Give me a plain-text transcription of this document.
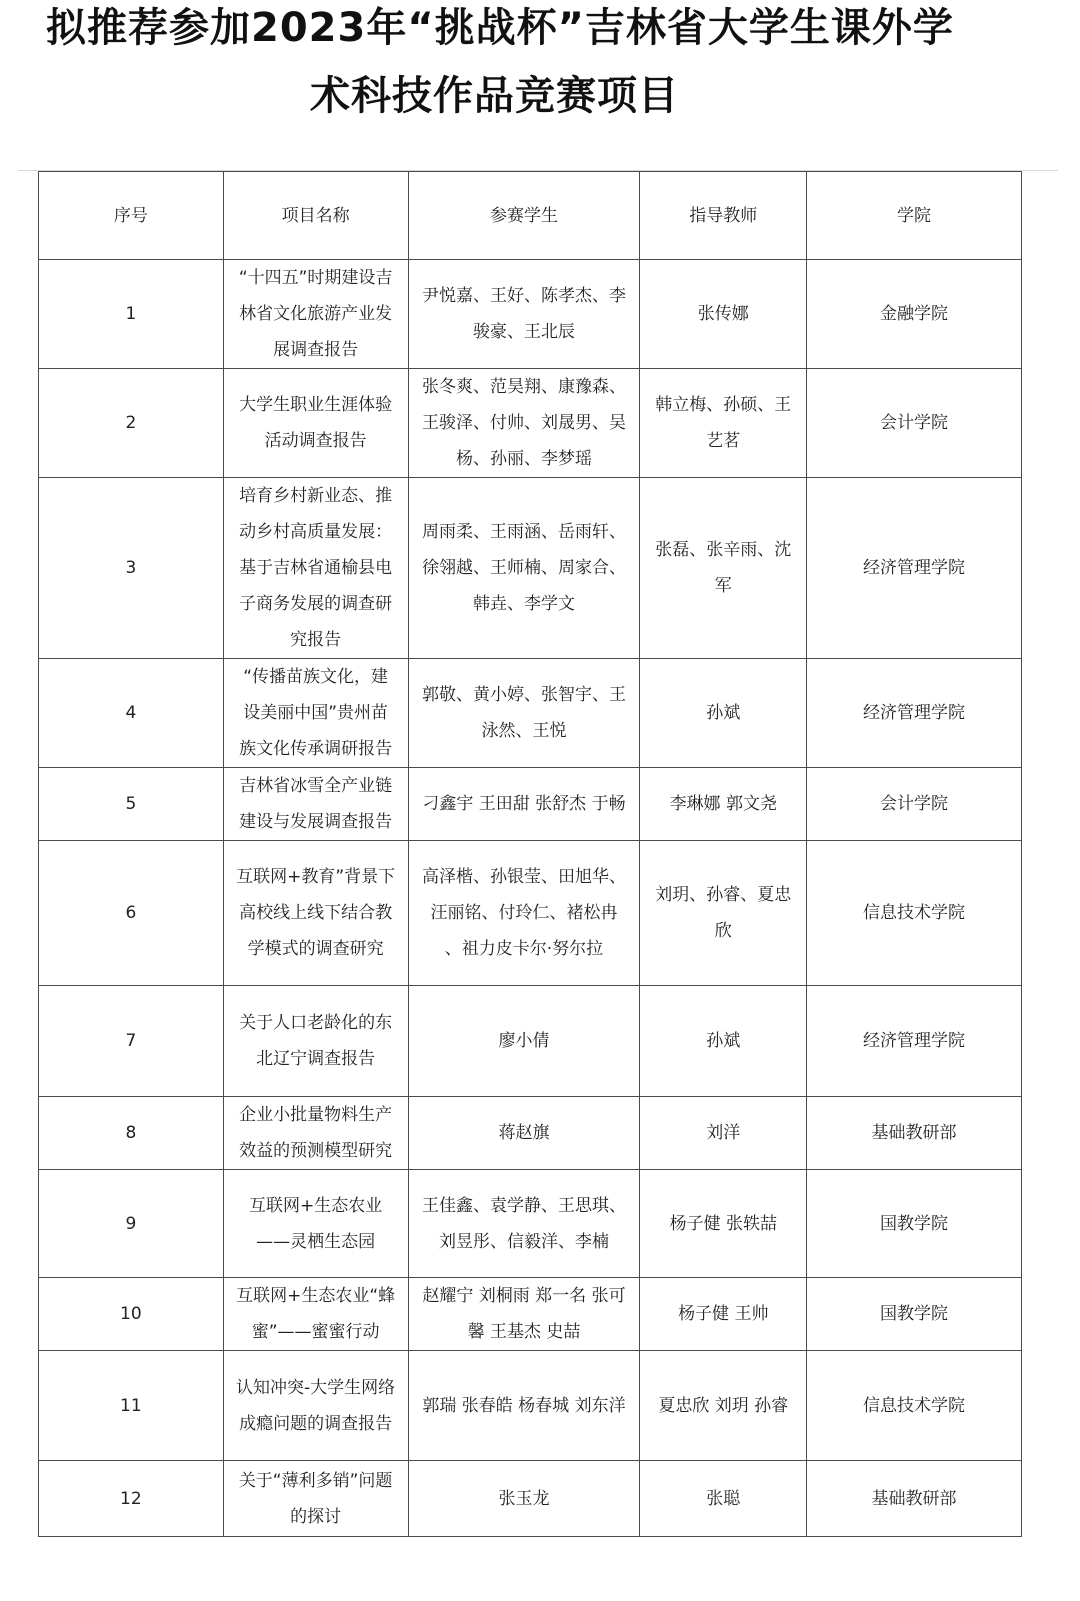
拟推荐参加2023年“挑战杯”吉林省大学生课外学
术科技作品竞赛项目
序号	项目名称	参赛学生	指导教师	学院
1	“十四五”时期建设吉林省文化旅游产业发展调查报告	尹悦嘉、王好、陈孝杰、李骏豪、王北辰	张传娜	金融学院
2	大学生职业生涯体验活动调查报告	张冬爽、范昊翔、康豫森、王骏泽、付帅、刘晟男、吴杨、孙丽、李梦瑶	韩立梅、孙硕、王艺茗	会计学院
3	培育乡村新业态、推动乡村高质量发展：基于吉林省通榆县电子商务发展的调查研究报告	周雨柔、王雨涵、岳雨轩、徐翎越、王师楠、周家合、韩垚、李学文	张磊、张辛雨、沈军	经济管理学院
4	“传播苗族文化，建设美丽中国”贵州苗族文化传承调研报告	郭敬、黄小婷、张智宇、王泳然、王悦	孙斌	经济管理学院
5	吉林省冰雪全产业链建设与发展调查报告	刁鑫宇 王田甜 张舒杰 于畅	李琳娜 郭文尧	会计学院
6	互联网+教育”背景下高校线上线下结合教学模式的调查研究	高泽楷、孙银莹、田旭华、汪丽铭、付玲仁、褚松冉 、祖力皮卡尔·努尔拉	刘玥、孙睿、夏忠欣	信息技术学院
7	关于人口老龄化的东北辽宁调查报告	廖小倩	孙斌	经济管理学院
8	企业小批量物料生产效益的预测模型研究	蒋赵旗	刘洋	基础教研部
9	互联网+生态农业——灵栖生态园	王佳鑫、袁学静、王思琪、刘昱彤、信毅洋、李楠	杨子健 张轶喆	国教学院
10	互联网+生态农业“蜂蜜”——蜜蜜行动	赵耀宁 刘桐雨 郑一名 张可馨 王基杰 史喆	杨子健 王帅	国教学院
11	认知冲突-大学生网络成瘾问题的调查报告	郭瑞 张春皓 杨春城 刘东洋	夏忠欣 刘玥 孙睿	信息技术学院
12	关于“薄利多销”问题的探讨	张玉龙	张聪	基础教研部
